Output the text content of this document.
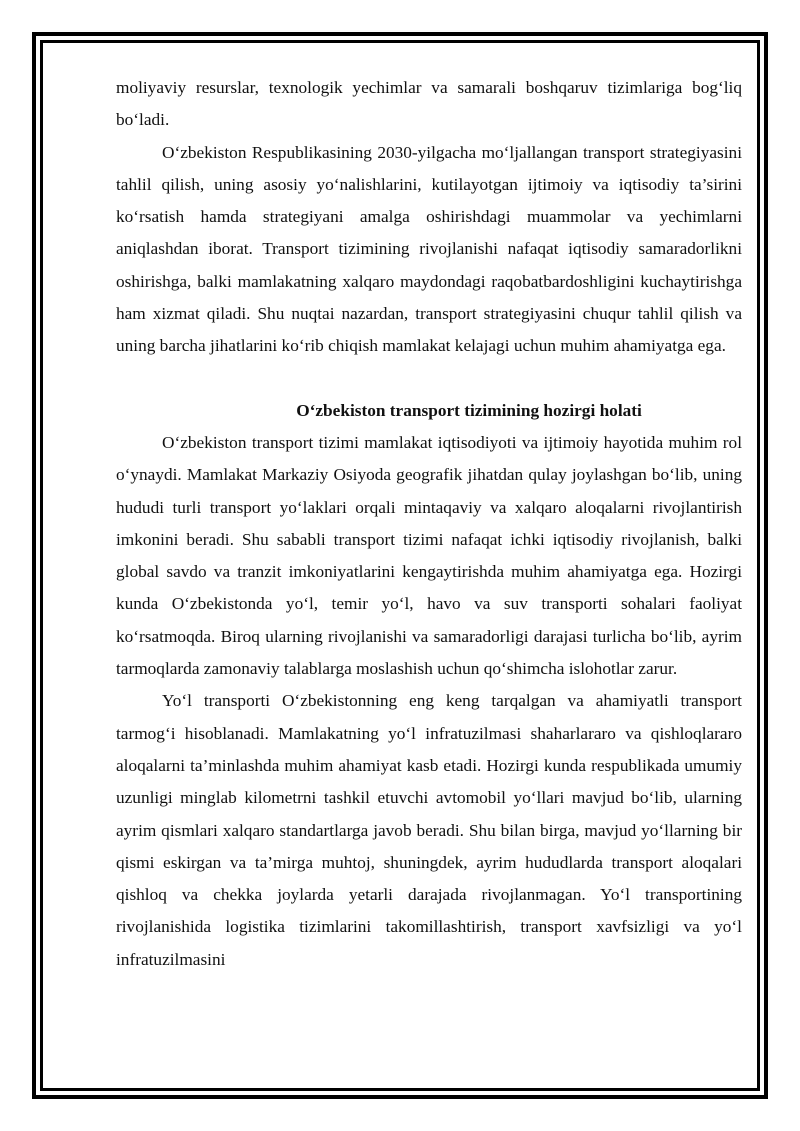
moliyaviy resurslar, texnologik yechimlar va samarali boshqaruv tizimlariga bog‘liq bo‘ladi.

O‘zbekiston Respublikasining 2030-yilgacha mo‘ljallangan transport strategiyasini tahlil qilish, uning asosiy yo‘nalishlarini, kutilayotgan ijtimoiy va iqtisodiy ta’sirini ko‘rsatish hamda strategiyani amalga oshirishdagi muammolar va yechimlarni aniqlashdan iborat. Transport tizimining rivojlanishi nafaqat iqtisodiy samaradorlikni oshirishga, balki mamlakatning xalqaro maydondagi raqobatbardoshligini kuchaytirishga ham xizmat qiladi. Shu nuqtai nazardan, transport strategiyasini chuqur tahlil qilish va uning barcha jihatlarini ko‘rib chiqish mamlakat kelajagi uchun muhim ahamiyatga ega.

O‘zbekiston transport tizimining hozirgi holati

O‘zbekiston transport tizimi mamlakat iqtisodiyoti va ijtimoiy hayotida muhim rol o‘ynaydi. Mamlakat Markaziy Osiyoda geografik jihatdan qulay joylashgan bo‘lib, uning hududi turli transport yo‘laklari orqali mintaqaviy va xalqaro aloqalarni rivojlantirish imkonini beradi. Shu sababli transport tizimi nafaqat ichki iqtisodiy rivojlanish, balki global savdo va tranzit imkoniyatlarini kengaytirishda muhim ahamiyatga ega. Hozirgi kunda O‘zbekistonda yo‘l, temir yo‘l, havo va suv transporti sohalari faoliyat ko‘rsatmoqda. Biroq ularning rivojlanishi va samaradorligi darajasi turlicha bo‘lib, ayrim tarmoqlarda zamonaviy talablarga moslashish uchun qo‘shimcha islohotlar zarur.

Yo‘l transporti O‘zbekistonning eng keng tarqalgan va ahamiyatli transport tarmog‘i hisoblanadi. Mamlakatning yo‘l infratuzilmasi shaharlararo va qishloqlararo aloqalarni ta’minlashda muhim ahamiyat kasb etadi. Hozirgi kunda respublikada umumiy uzunligi minglab kilometrni tashkil etuvchi avtomobil yo‘llari mavjud bo‘lib, ularning ayrim qismlari xalqaro standartlarga javob beradi. Shu bilan birga, mavjud yo‘llarning bir qismi eskirgan va ta’mirga muhtoj, shuningdek, ayrim hududlarda transport aloqalari qishloq va chekka joylarda yetarli darajada rivojlanmagan. Yo‘l transportining rivojlanishida logistika tizimlarini takomillashtirish, transport xavfsizligi va yo‘l infratuzilmasini
